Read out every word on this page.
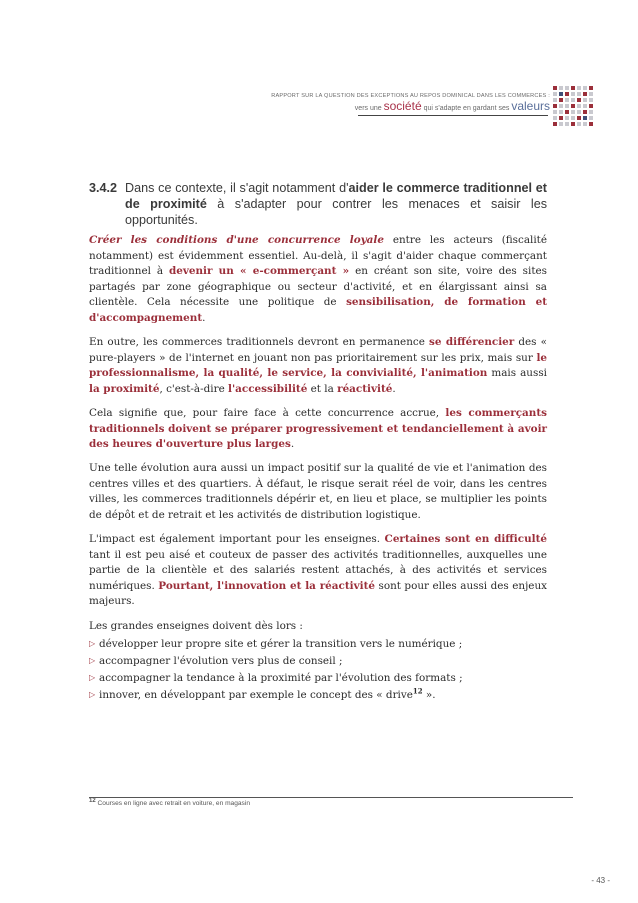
RAPPORT SUR LA QUESTION DES EXCEPTIONS AU REPOS DOMINICAL DANS LES COMMERCES :
vers une société qui s'adapte en gardant ses valeurs
3.4.2 Dans ce contexte, il s'agit notamment d'aider le commerce traditionnel et de proximité à s'adapter pour contrer les menaces et saisir les opportunités.

Créer les conditions d'une concurrence loyale entre les acteurs (fiscalité notamment) est évidemment essentiel. Au-delà, il s'agit d'aider chaque commerçant traditionnel à devenir un « e-commerçant » en créant son site, voire des sites partagés par zone géographique ou secteur d'activité, et en élargissant ainsi sa clientèle. Cela nécessite une politique de sensibilisation, de formation et d'accompagnement.

En outre, les commerces traditionnels devront en permanence se différencier des « pure-players » de l'internet en jouant non pas prioritairement sur les prix, mais sur le professionnalisme, la qualité, le service, la convivialité, l'animation mais aussi la proximité, c'est-à-dire l'accessibilité et la réactivité.

Cela signifie que, pour faire face à cette concurrence accrue, les commerçants traditionnels doivent se préparer progressivement et tendanciellement à avoir des heures d'ouverture plus larges.

Une telle évolution aura aussi un impact positif sur la qualité de vie et l'animation des centres villes et des quartiers. À défaut, le risque serait réel de voir, dans les centres villes, les commerces traditionnels dépérir et, en lieu et place, se multiplier les points de dépôt et de retrait et les activités de distribution logistique.

L'impact est également important pour les enseignes. Certaines sont en difficulté tant il est peu aisé et couteux de passer des activités traditionnelles, auxquelles une partie de la clientèle et des salariés restent attachés, à des activités et services numériques. Pourtant, l'innovation et la réactivité sont pour elles aussi des enjeux majeurs.

Les grandes enseignes doivent dès lors :

▷ développer leur propre site et gérer la transition vers le numérique ;
▷ accompagner l'évolution vers plus de conseil ;
▷ accompagner la tendance à la proximité par l'évolution des formats ;
▷ innover, en développant par exemple le concept des « drive$^{12}$ ».
$^{12}$ Courses en ligne avec retrait en voiture, en magasin
- 43 -
